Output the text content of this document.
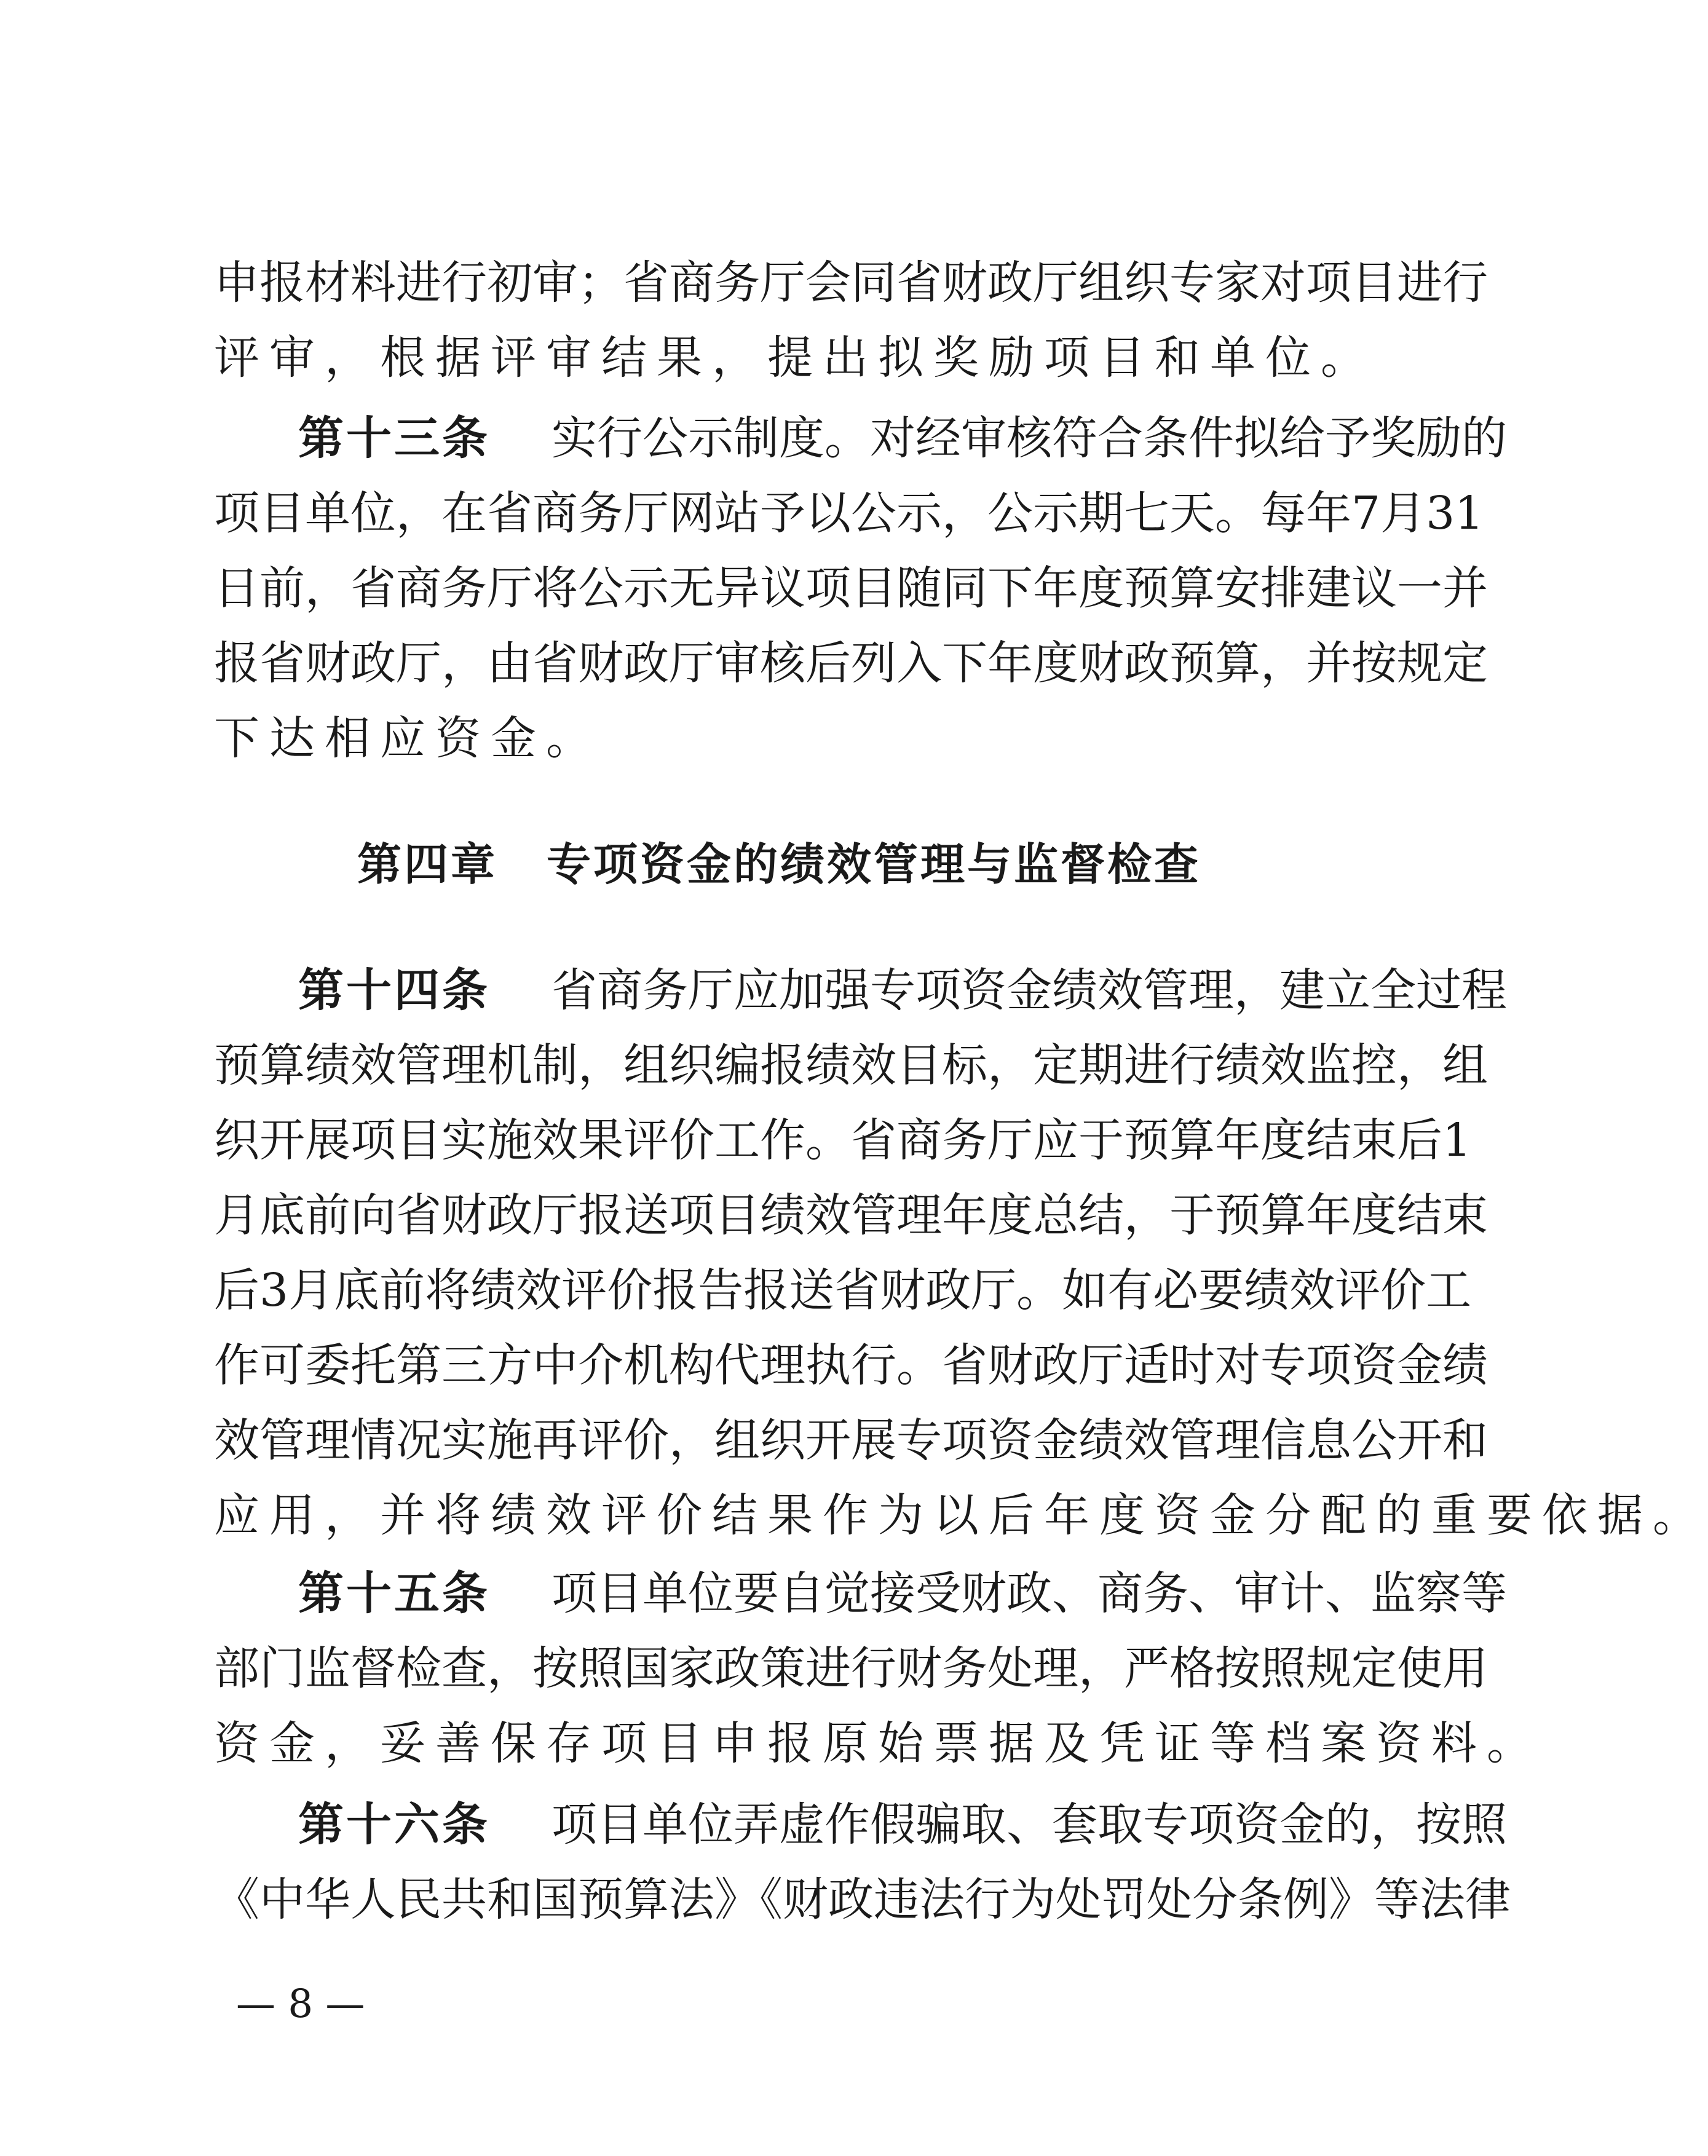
申报材料进行初审；省商务厅会同省财政厅组织专家对项目进行
评审，根据评审结果，提出拟奖励项目和单位。
第十三条 实行公示制度。对经审核符合条件拟给予奖励的
项目单位，在省商务厅网站予以公示，公示期七天。每年7月31
日前，省商务厅将公示无异议项目随同下年度预算安排建议一并
报省财政厅，由省财政厅审核后列入下年度财政预算，并按规定
下达相应资金。
第四章 专项资金的绩效管理与监督检查
第十四条 省商务厅应加强专项资金绩效管理，建立全过程
预算绩效管理机制，组织编报绩效目标，定期进行绩效监控，组
织开展项目实施效果评价工作。省商务厅应于预算年度结束后1
月底前向省财政厅报送项目绩效管理年度总结，于预算年度结束
后3月底前将绩效评价报告报送省财政厅。如有必要绩效评价工
作可委托第三方中介机构代理执行。省财政厅适时对专项资金绩
效管理情况实施再评价，组织开展专项资金绩效管理信息公开和
应用，并将绩效评价结果作为以后年度资金分配的重要依据。
第十五条 项目单位要自觉接受财政、商务、审计、监察等
部门监督检查，按照国家政策进行财务处理，严格按照规定使用
资金，妥善保存项目申报原始票据及凭证等档案资料。
第十六条 项目单位弄虚作假骗取、套取专项资金的，按照
《中华人民共和国预算法》《财政违法行为处罚处分条例》等法律
— 8 —
